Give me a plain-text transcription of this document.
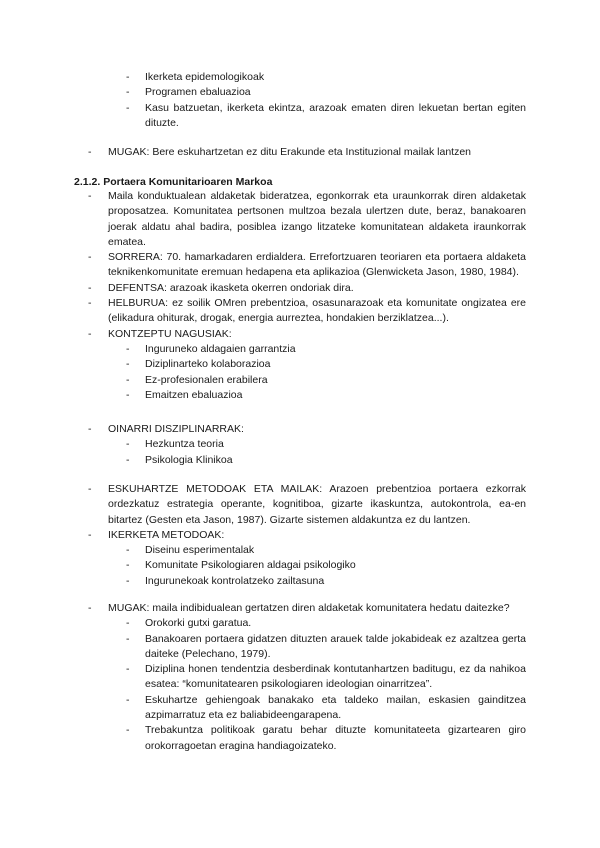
- Ikerketa epidemologikoak
- Programen ebaluazioa
- Kasu batzuetan, ikerketa ekintza, arazoak ematen diren lekuetan bertan egiten dituzte.
- MUGAK: Bere eskuhartzetan ez ditu Erakunde eta Instituzional mailak lantzen
2.1.2. Portaera Komunitarioaren Markoa
- Maila konduktualean aldaketak bideratzea, egonkorrak eta uraunkorrak diren aldaketak proposatzea. Komunitatea pertsonen multzoa bezala ulertzen dute, beraz, banakoaren joerak aldatu ahal badira, posiblea izango litzateke komunitatean aldaketa iraunkorrak ematea.
- SORRERA: 70. hamarkadaren erdialdera. Errefortzuaren teoriaren eta portaera aldaketa teknikenkomunitate eremuan hedapena eta aplikazioa (Glenwicketa Jason, 1980, 1984).
- DEFENTSA: arazoak ikasketa okerren ondoriak dira.
- HELBURUA: ez soilik OMren prebentzioa, osasunarazoak eta komunitate ongizatea ere (elikadura ohiturak, drogak, energia aurreztea, hondakien berziklatzea...).
- KONTZEPTU NAGUSIAK:
- Inguruneko aldagaien garrantzia
- Diziplinarteko kolaborazioa
- Ez-profesionalen erabilera
- Emaitzen ebaluazioa
- OINARRI DISZIPLINARRAK:
- Hezkuntza teoria
- Psikologia Klinikoa
- ESKUHARTZE METODOAK ETA MAILAK: Arazoen prebentzioa portaera ezkorrak ordezkatuz estrategia operante, kognitiboa, gizarte ikaskuntza, autokontrola, ea-en bitartez (Gesten eta Jason, 1987). Gizarte sistemen aldakuntza ez du lantzen.
- IKERKETA METODOAK:
- Diseinu esperimentalak
- Komunitate Psikologiaren aldagai psikologiko
- Ingurunekoak kontrolatzeko zailtasuna
- MUGAK: maila indibidualean gertatzen diren aldaketak komunitatera hedatu daitezke?
- Orokorki gutxi garatua.
- Banakoaren portaera gidatzen dituzten arauek talde jokabideak ez azaltzea gerta daiteke (Pelechano, 1979).
- Diziplina honen tendentzia desberdinak kontutanhartzen baditugu, ez da nahikoa esatea: “komunitatearen psikologiaren ideologian oinarritzea”.
- Eskuhartze gehiengoak banakako eta taldeko mailan, eskasien gainditzea azpimarratuz eta ez baliabideengarapena.
- Trebakuntza politikoak garatu behar dituzte komunitateeta gizartearen giro orokorragoetan eragina handiagoizateko.
